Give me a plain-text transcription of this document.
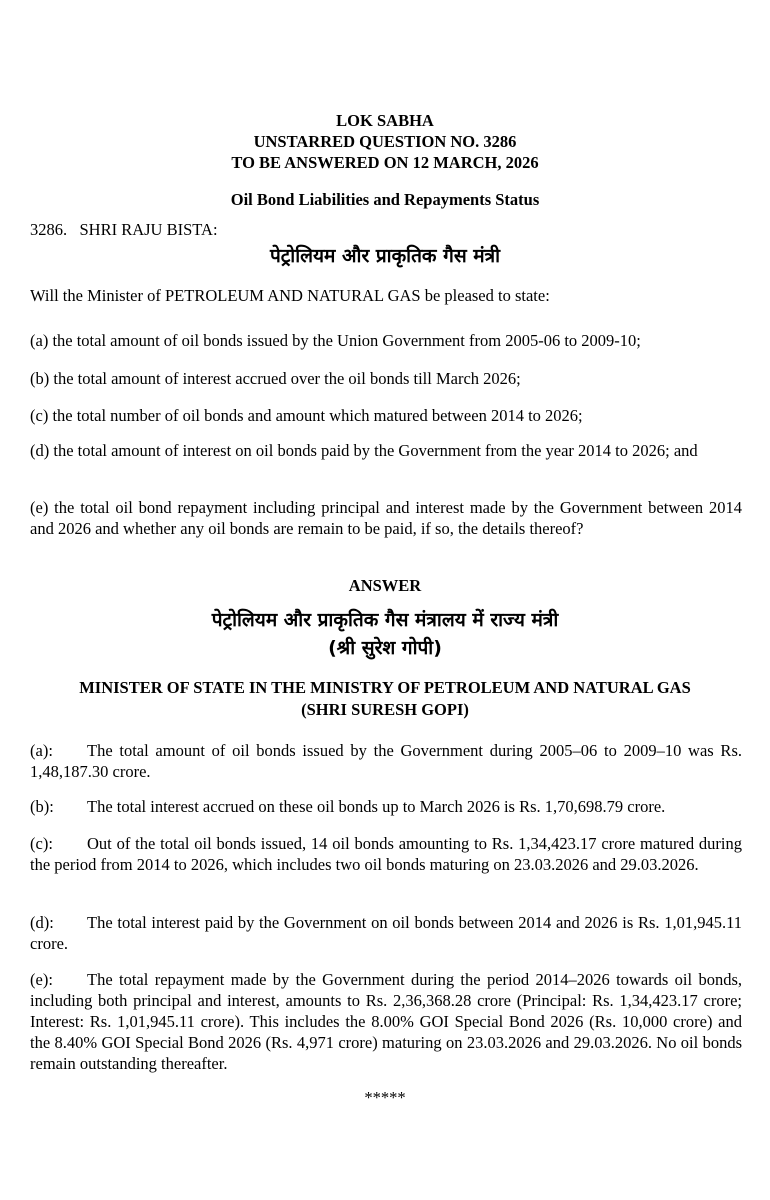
LOK SABHA
UNSTARRED QUESTION NO. 3286
TO BE ANSWERED ON 12 MARCH, 2026
Oil Bond Liabilities and Repayments Status
3286. SHRI RAJU BISTA:
पेट्रोलियम और प्राकृतिक गैस मंत्री
Will the Minister of PETROLEUM AND NATURAL GAS be pleased to state:
(a) the total amount of oil bonds issued by the Union Government from 2005-06 to 2009-10;
(b) the total amount of interest accrued over the oil bonds till March 2026;
(c) the total number of oil bonds and amount which matured between 2014 to 2026;
(d) the total amount of interest on oil bonds paid by the Government from the year 2014 to 2026; and
(e) the total oil bond repayment including principal and interest made by the Government between 2014 and 2026 and whether any oil bonds are remain to be paid, if so, the details thereof?
ANSWER
पेट्रोलियम और प्राकृतिक गैस मंत्रालय में राज्य मंत्री
(श्री सुरेश गोपी)
MINISTER OF STATE IN THE MINISTRY OF PETROLEUM AND NATURAL GAS
(SHRI SURESH GOPI)
(a): The total amount of oil bonds issued by the Government during 2005–06 to 2009–10 was Rs. 1,48,187.30 crore.
(b): The total interest accrued on these oil bonds up to March 2026 is Rs. 1,70,698.79 crore.
(c): Out of the total oil bonds issued, 14 oil bonds amounting to Rs. 1,34,423.17 crore matured during the period from 2014 to 2026, which includes two oil bonds maturing on 23.03.2026 and 29.03.2026.
(d): The total interest paid by the Government on oil bonds between 2014 and 2026 is Rs. 1,01,945.11 crore.
(e): The total repayment made by the Government during the period 2014–2026 towards oil bonds, including both principal and interest, amounts to Rs. 2,36,368.28 crore (Principal: Rs. 1,34,423.17 crore; Interest: Rs. 1,01,945.11 crore). This includes the 8.00% GOI Special Bond 2026 (Rs. 10,000 crore) and the 8.40% GOI Special Bond 2026 (Rs. 4,971 crore) maturing on 23.03.2026 and 29.03.2026. No oil bonds remain outstanding thereafter.
*****
